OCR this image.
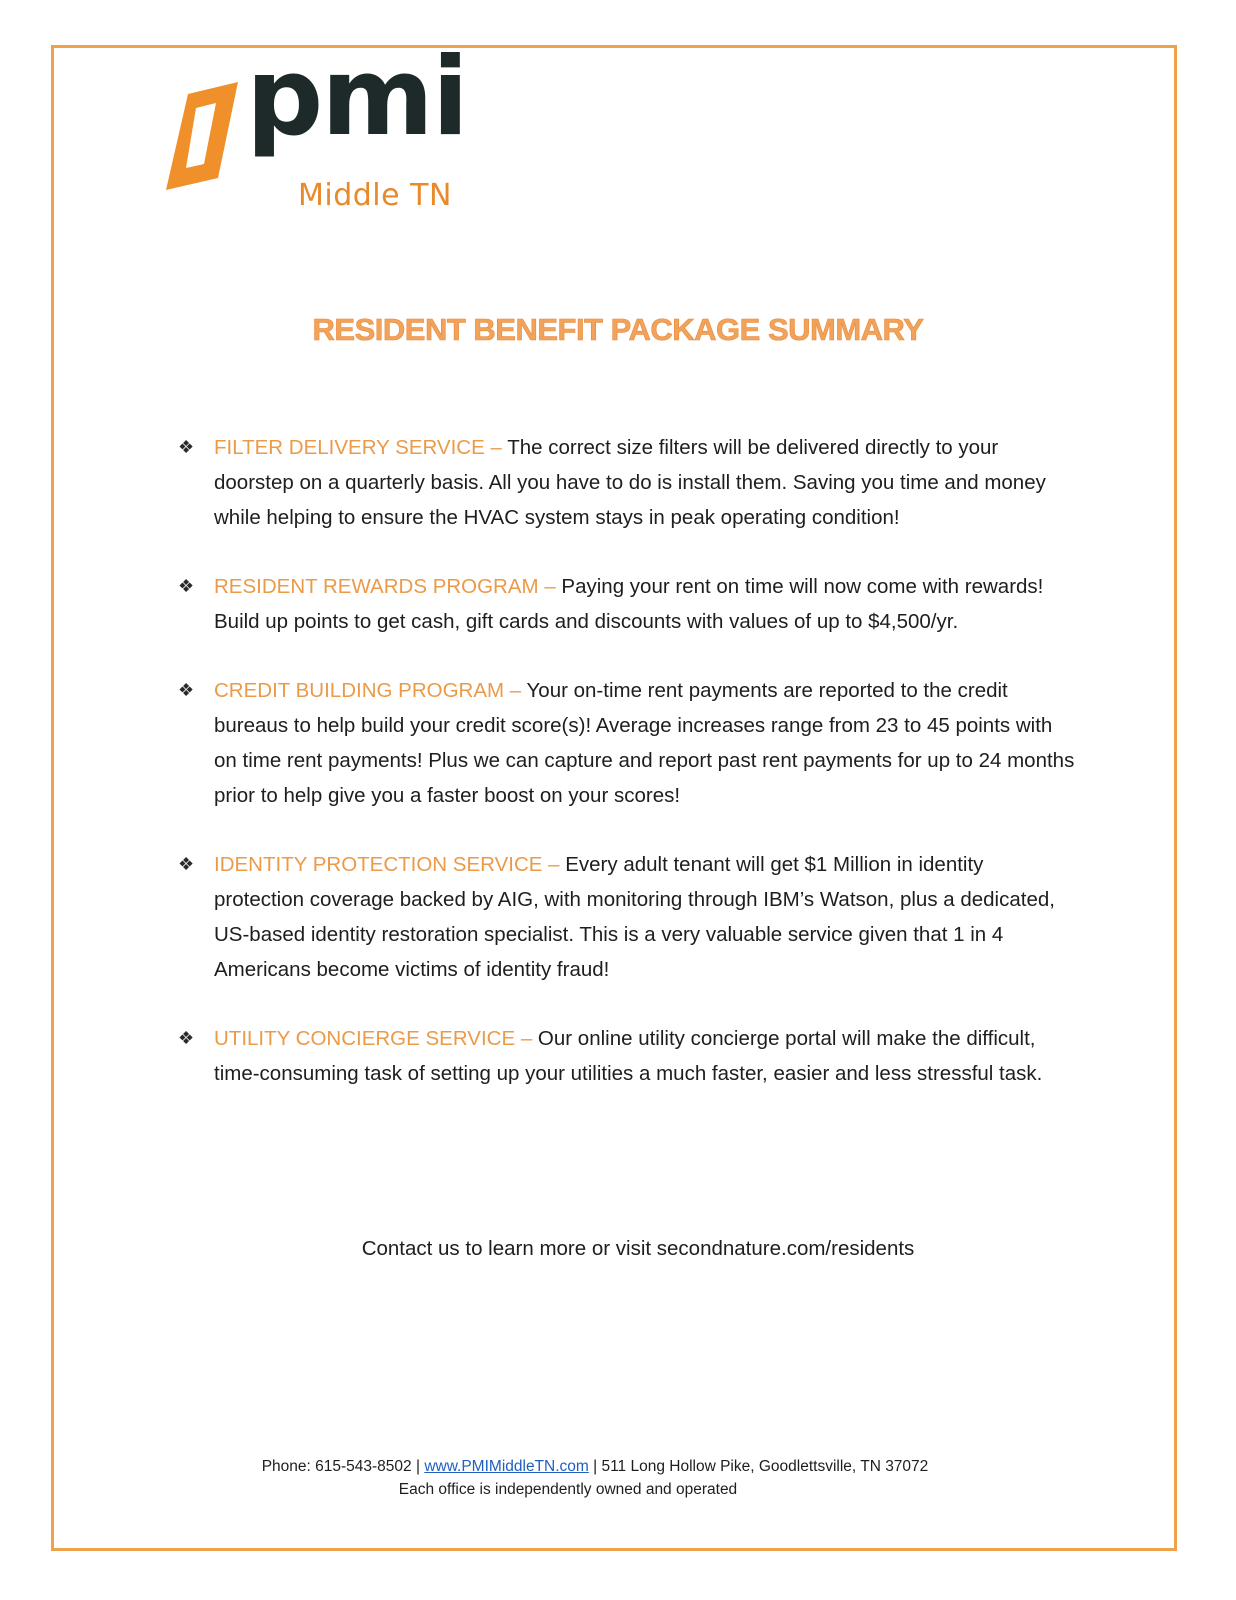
pmi
Middle TN
RESIDENT BENEFIT PACKAGE SUMMARY
❖ FILTER DELIVERY SERVICE – The correct size filters will be delivered directly to your doorstep on a quarterly basis. All you have to do is install them. Saving you time and money while helping to ensure the HVAC system stays in peak operating condition!
❖ RESIDENT REWARDS PROGRAM – Paying your rent on time will now come with rewards! Build up points to get cash, gift cards and discounts with values of up to $4,500/yr.
❖ CREDIT BUILDING PROGRAM – Your on-time rent payments are reported to the credit bureaus to help build your credit score(s)! Average increases range from 23 to 45 points with on time rent payments! Plus we can capture and report past rent payments for up to 24 months prior to help give you a faster boost on your scores!
❖ IDENTITY PROTECTION SERVICE – Every adult tenant will get $1 Million in identity protection coverage backed by AIG, with monitoring through IBM’s Watson, plus a dedicated, US-based identity restoration specialist. This is a very valuable service given that 1 in 4 Americans become victims of identity fraud!
❖ UTILITY CONCIERGE SERVICE – Our online utility concierge portal will make the difficult, time-consuming task of setting up your utilities a much faster, easier and less stressful task.
Contact us to learn more or visit secondnature.com/residents
Phone: 615-543-8502 | www.PMIMiddleTN.com | 511 Long Hollow Pike, Goodlettsville, TN 37072
Each office is independently owned and operated
